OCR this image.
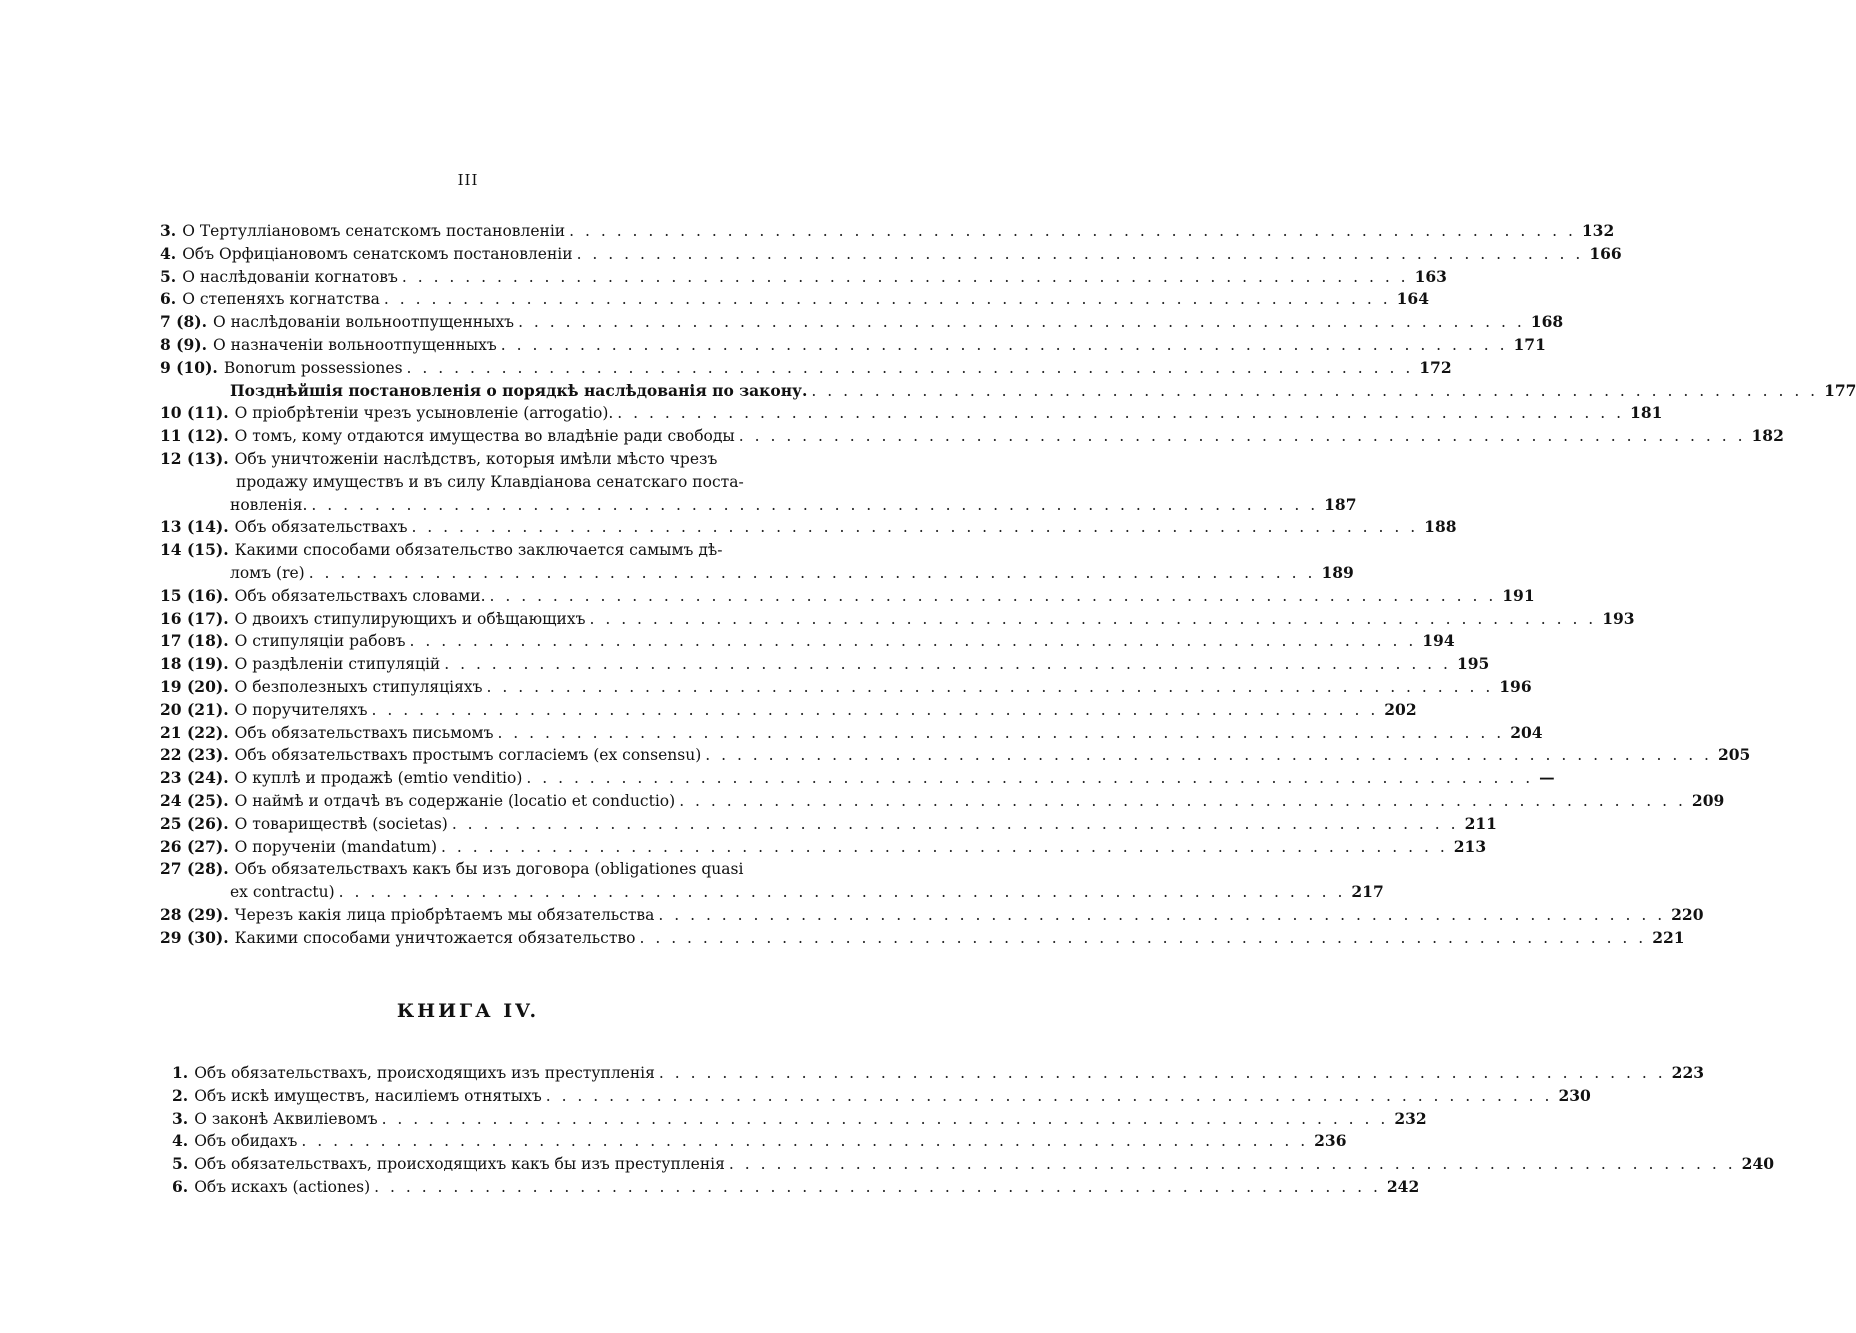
III
3. О Тертулліановомъ сенатскомъ постановленіи . . .	132
4. Объ Орфиціановомъ сенатскомъ постановленіи . . .	166
5. О наслѣдованіи когнатовъ . . .	163
6. О степеняхъ когнатства . . .	164
7 (8). О наслѣдованіи вольноотпущенныхъ . . .	168
8 (9). О назначеніи вольноотпущенныхъ . . .	171
9 (10). Bonorum possessiones . . .	172
Позднѣйшія постановленія о порядкѣ наслѣдованія по закону. . . .	177
10 (11). О пріобрѣтеніи чрезъ усыновленіе (arrogatio). . . .	181
11 (12). О томъ, кому отдаются имущества во владѣніе ради свободы . . .	182
12 (13). Объ уничтоженіи наслѣдствъ, которыя имѣли мѣсто чрезъ
продажу имуществъ и въ силу Клавдіанова сенатскаго поста-
новленія. . . .	187
13 (14). Объ обязательствахъ . . .	188
14 (15). Какими способами обязательство заключается самымъ дѣ-
ломъ (re) . . .	189
15 (16). Объ обязательствахъ словами. . . .	191
16 (17). О двоихъ стипулирующихъ и обѣщающихъ . . .	193
17 (18). О стипуляціи рабовъ . . .	194
18 (19). О раздѣленіи стипуляцій . . .	195
19 (20). О безполезныхъ стипуляціяхъ . . .	196
20 (21). О поручителяхъ . . .	202
21 (22). Объ обязательствахъ письмомъ . . .	204
22 (23). Объ обязательствахъ простымъ согласіемъ (ex consensu) . . .	205
23 (24). О куплѣ и продажѣ (emtio venditio) . . .	—
24 (25). О наймѣ и отдачѣ въ содержаніе (locatio et conductio) . . .	209
25 (26). О товариществѣ (societas) . . .	211
26 (27). О порученіи (mandatum) . . .	213
27 (28). Объ обязательствахъ какъ бы изъ договора (obligationes quasi
ex contractu) . . .	217
28 (29). Черезъ какія лица пріобрѣтаемъ мы обязательства . . .	220
29 (30). Какими способами уничтожается обязательство . . .	221
1. Объ обязательствахъ, происходящихъ изъ преступленія . . .	223
2. Объ искѣ имуществъ, насиліемъ отнятыхъ . . .	230
3. О законѣ Аквиліевомъ . . .	232
4. Объ обидахъ . . .	236
5. Объ обязательствахъ, происходящихъ какъ бы изъ преступленія . . .	240
6. Объ искахъ (actiones) . . .	242
КНИГА IV.
